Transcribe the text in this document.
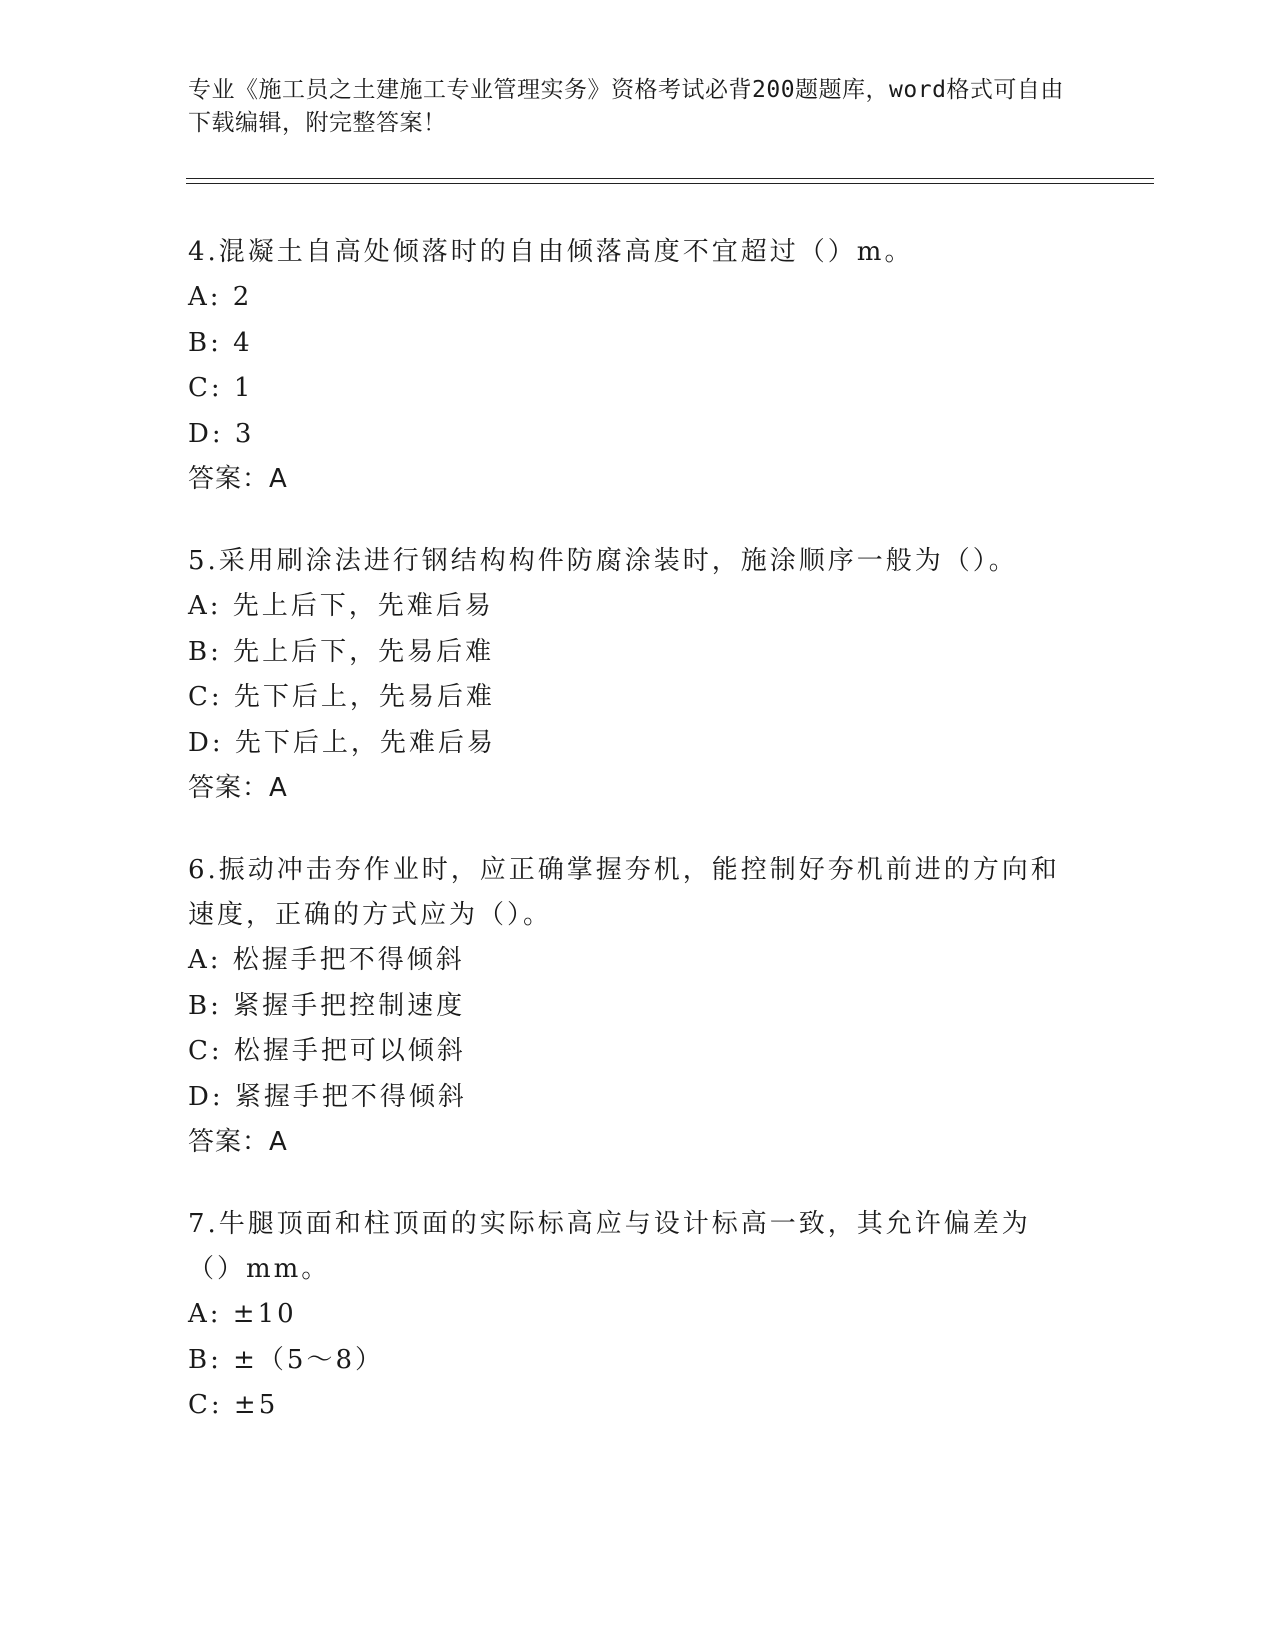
专业《施工员之土建施工专业管理实务》资格考试必背200题题库，word格式可自由下载编辑，附完整答案！
4.混凝土自高处倾落时的自由倾落高度不宜超过（）m。
A: 2
B: 4
C: 1
D: 3
答案：A
5.采用刷涂法进行钢结构构件防腐涂装时，施涂顺序一般为（）。
A: 先上后下，先难后易
B: 先上后下，先易后难
C: 先下后上，先易后难
D: 先下后上，先难后易
答案：A
6.振动冲击夯作业时，应正确掌握夯机，能控制好夯机前进的方向和速度，正确的方式应为（）。
A: 松握手把不得倾斜
B: 紧握手把控制速度
C: 松握手把可以倾斜
D: 紧握手把不得倾斜
答案：A
7.牛腿顶面和柱顶面的实际标高应与设计标高一致，其允许偏差为（）mm。
A: ±10
B: ±（5～8）
C: ±5
